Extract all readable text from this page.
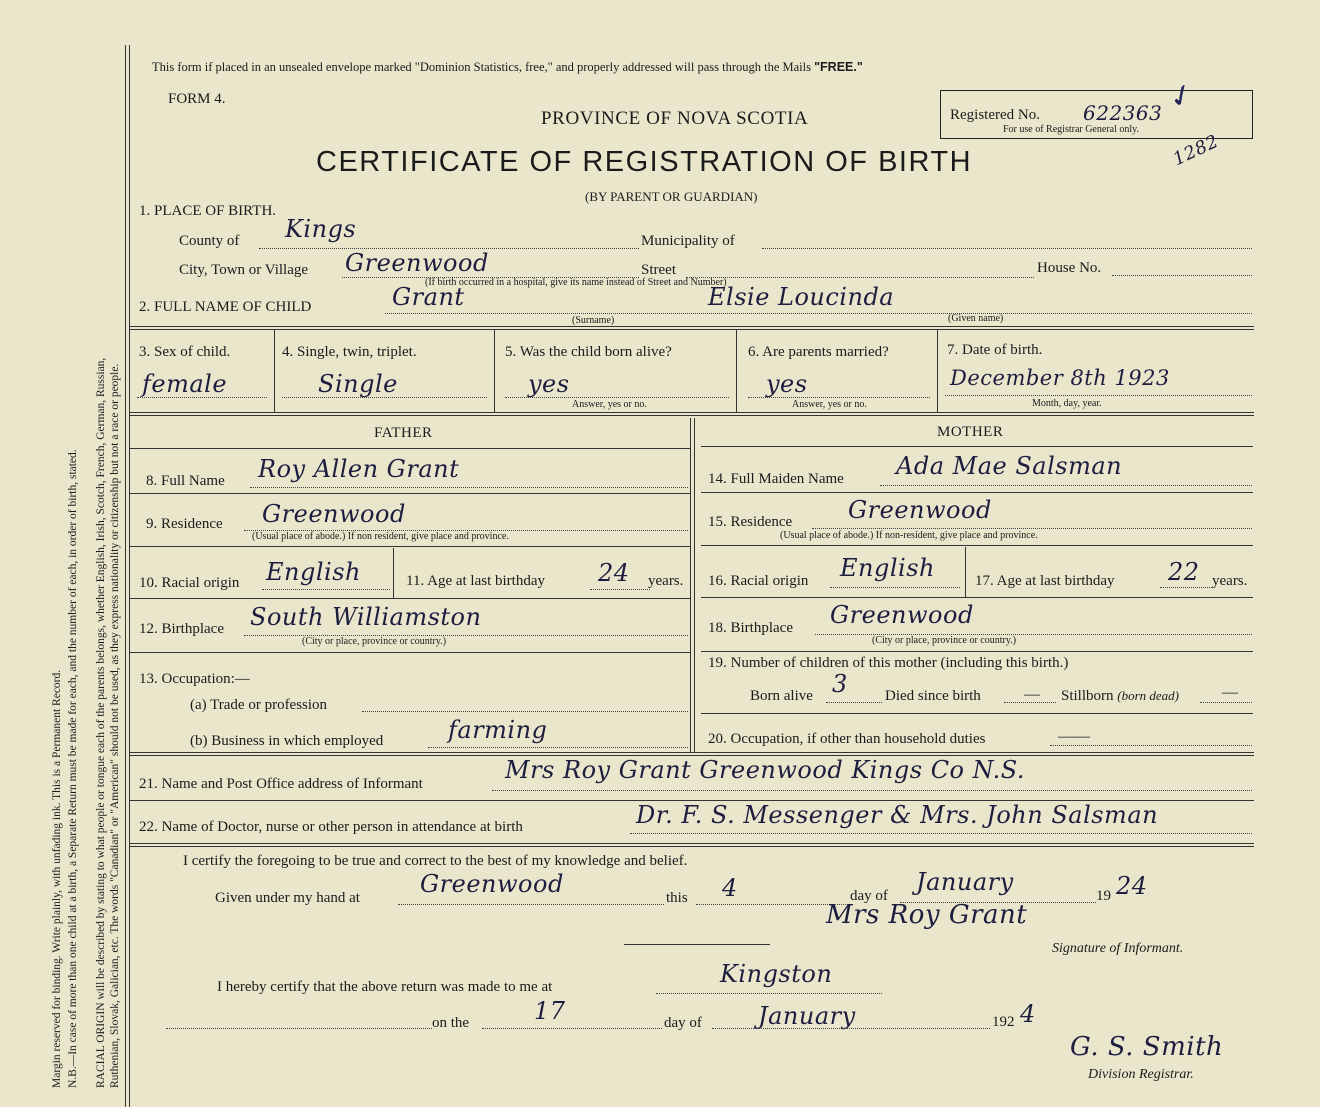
Margin reserved for binding. Write plainly, with unfading ink. This is a Permanent Record. N.B.—In case of more than one child at a birth, a Separate Return must be made for each, and the number of each, in order of birth, stated. RACIAL ORIGIN will be described by stating to what people or tongue each of the parents belongs, whether English, Irish, Scotch, French, German, Russian, Ruthenian, Slovak, Galician, etc. The words "Canadian" or "American" should not be used, as they express nationality or citizenship but not a race or people.
This form if placed in an unsealed envelope marked "Dominion Statistics, free," and properly addressed will pass through the Mails "FREE."
FORM 4.
PROVINCE OF NOVA SCOTIA	Registered No. 622363
For use of Registrar General only.
✓
1282
CERTIFICATE OF REGISTRATION OF BIRTH
(BY PARENT OR GUARDIAN)
1. PLACE OF BIRTH.
County of Kings	Municipality of
City, Town or Village Greenwood	Street	House No.
(If birth occurred in a hospital, give its name instead of Street and Number)
2. FULL NAME OF CHILD	Grant
(Surname)
Elsie Loucinda
(Given name)
3. Sex of child.
female
4. Single, twin, triplet.
Single
5. Was the child born alive?
yes
Answer, yes or no.
6. Are parents married?
yes
Answer, yes or no.
7. Date of birth.
December 8th 1923
Month, day, year.
FATHER	MOTHER
8. Full Name Roy Allen Grant
9. Residence Greenwood
(Usual place of abode.) If non resident, give place and province.
10. Racial origin English	11. Age at last birthday 24 years.
12. Birthplace South Williamston
(City or place, province or country.)
13. Occupation:—
(a) Trade or profession
(b) Business in which employed	farming
14. Full Maiden Name Ada Mae Salsman
15. Residence Greenwood
(Usual place of abode.) If non-resident, give place and province.
16. Racial origin English	17. Age at last birthday 22 years.
18. Birthplace Greenwood
(City or place, province or country.)
19. Number of children of this mother (including this birth.)
Born alive 3 Died since birth	— Stillborn (born dead)	—
20. Occupation, if other than household duties	——
21. Name and Post Office address of Informant	Mrs Roy Grant Greenwood Kings Co N.S.
22. Name of Doctor, nurse or other person in attendance at birth	Dr. F. S. Messenger & Mrs. John Salsman
I certify the foregoing to be true and correct to the best of my knowledge and belief.
Given under my hand at	Greenwood	this 4	day of January	19 24
Mrs Roy Grant
Signature of Informant.
I hereby certify that the above return was made to me at	Kingston
on the	17	day of January	192 4
G. S. Smith
Division Registrar.
